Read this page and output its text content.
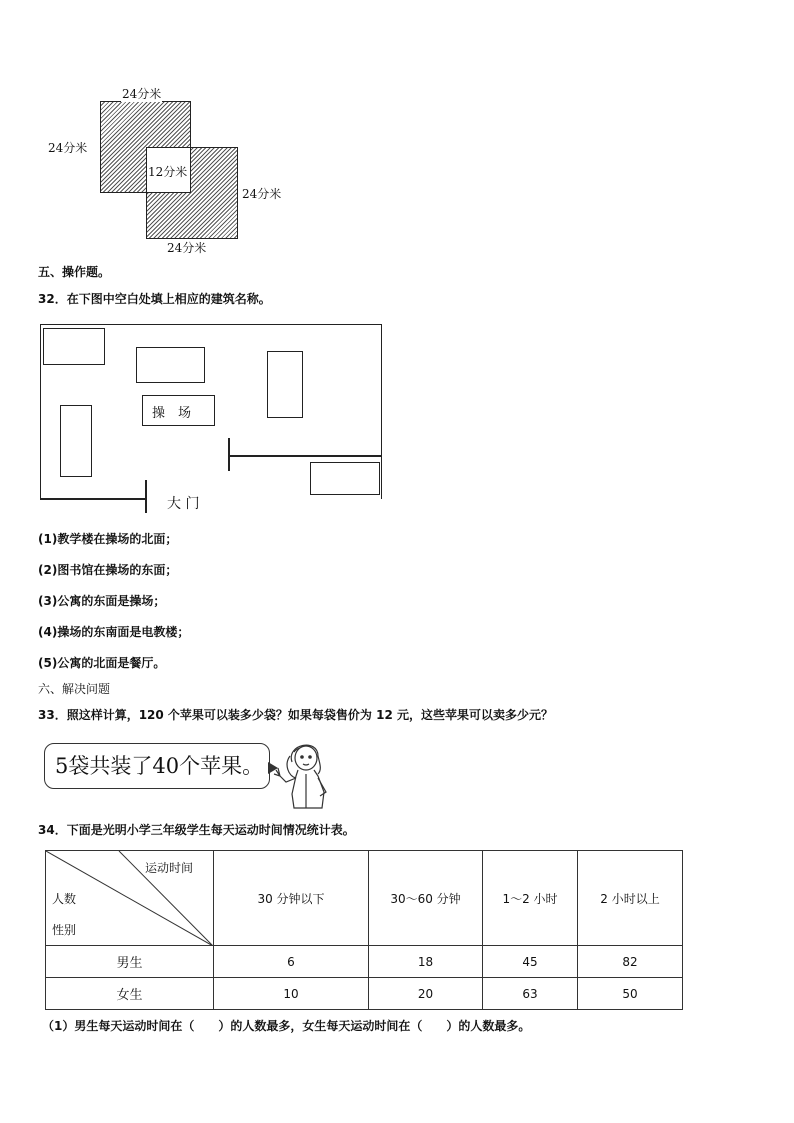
24分米
24分米
12分米
24分米
24分米
五、操作题。
32．在下图中空白处填上相应的建筑名称。
操　场
大 门
(1)教学楼在操场的北面；
(2)图书馆在操场的东面；
(3)公寓的东面是操场；
(4)操场的东南面是电教楼；
(5)公寓的北面是餐厅。
六、解决问题
33．照这样计算，120 个苹果可以装多少袋？如果每袋售价为 12 元，这些苹果可以卖多少元？
5袋共装了40个苹果。
34．下面是光明小学三年级学生每天运动时间情况统计表。
运动时间
人数
性别	30 分钟以下	30～60 分钟	1～2 小时	2 小时以上
男生	6	18	45	82
女生	10	20	63	50
（1）男生每天运动时间在（　　）的人数最多，女生每天运动时间在（　　）的人数最多。
